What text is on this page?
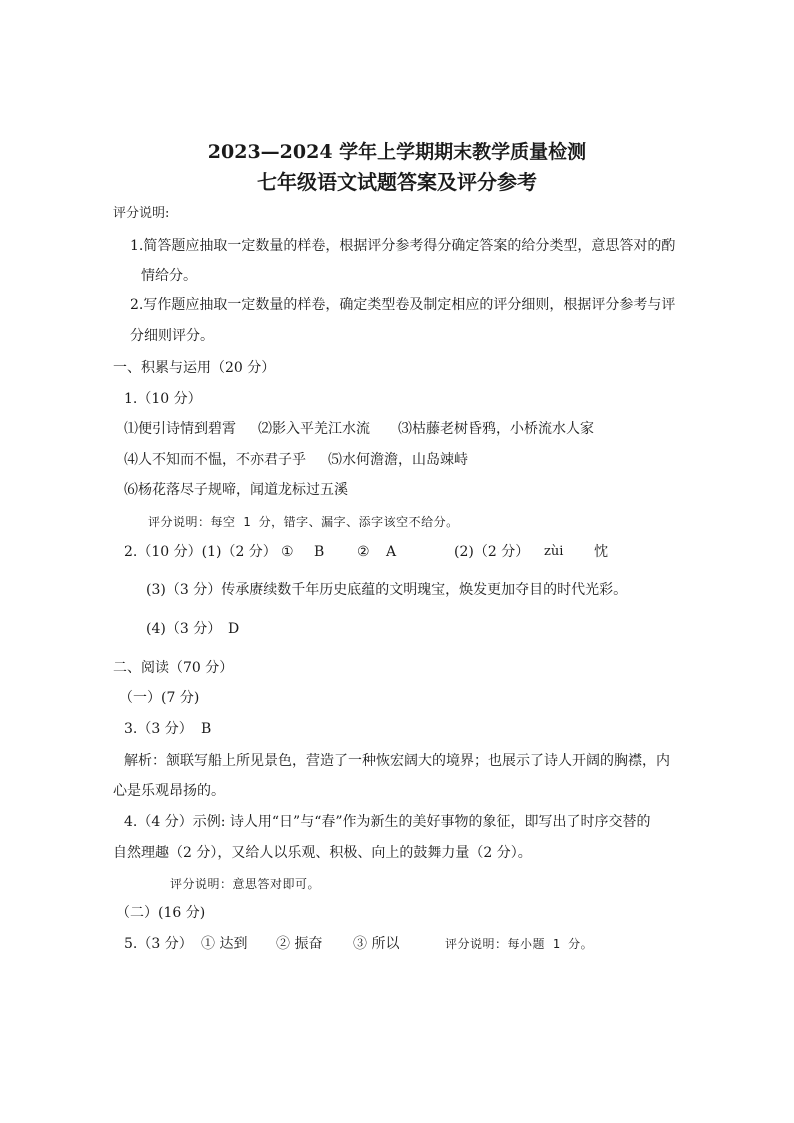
2023—2024 学年上学期期末教学质量检测
七年级语文试题答案及评分参考
评分说明:
1.简答题应抽取一定数量的样卷，根据评分参考得分确定答案的给分类型，意思答对的酌
情给分。
2.写作题应抽取一定数量的样卷，确定类型卷及制定相应的评分细则，根据评分参考与评
分细则评分。
一、积累与运用（20 分）
1.（10 分）
⑴便引诗情到碧霄 ⑵影入平羌江水流 ⑶枯藤老树昏鸦，小桥流水人家
⑷人不知而不愠，不亦君子乎 ⑸水何澹澹，山岛竦峙
⑹杨花落尽子规啼，闻道龙标过五溪
评分说明：每空 1 分，错字、漏字、添字该空不给分。
2.（10 分）(1)（2 分） ① B ② A	(2)（2 分） zùi 忱
(3)（3 分）传承赓续数千年历史底蕴的文明瑰宝，焕发更加夺目的时代光彩。
(4)（3 分） D
二、阅读（70 分）
（一）(7 分)
3.（3 分） B
解析：颔联写船上所见景色，营造了一种恢宏阔大的境界；也展示了诗人开阔的胸襟，内
心是乐观昂扬的。
4.（4 分）示例: 诗人用“日”与“春”作为新生的美好事物的象征，即写出了时序交替的
自然理趣（2 分），又给人以乐观、积极、向上的鼓舞力量（2 分）。
评分说明：意思答对即可。
（二）(16 分)
5.（3 分） ① 达到 ② 振奋 ③ 所以	评分说明：每小题 1 分。
